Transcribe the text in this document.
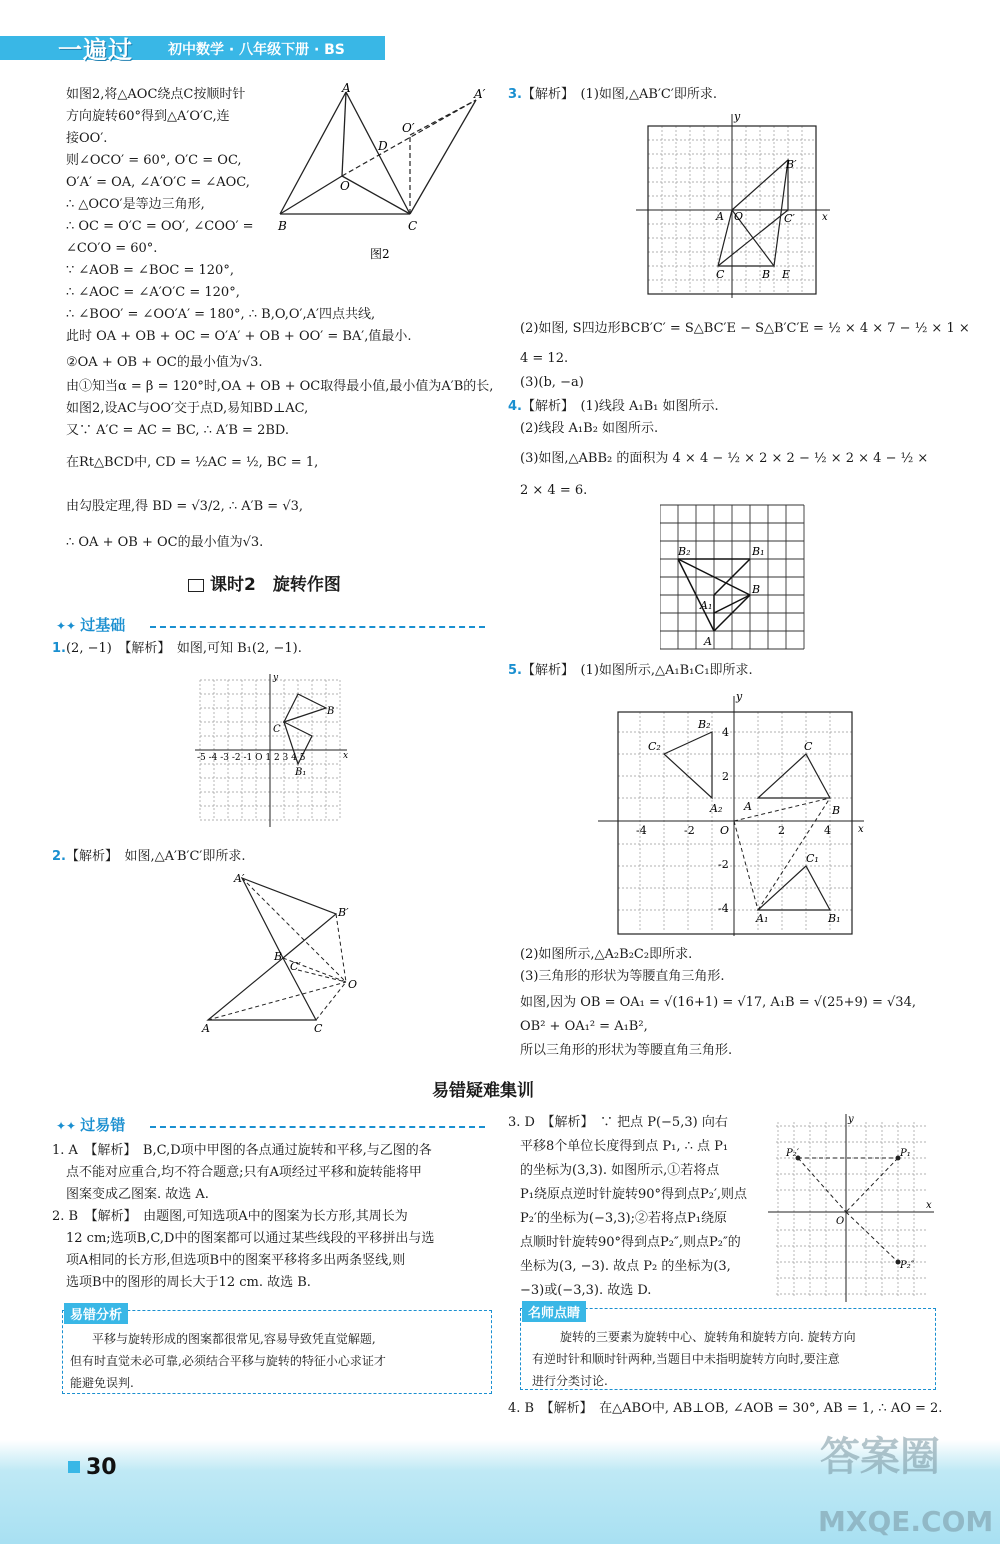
一遍过	初中数学 · 八年级下册 · BS
如图2,将△AOC绕点C按顺时针
方向旋转60°得到△A′O′C,连
接OO′.
则∠OCO′ = 60°, O′C = OC,
O′A′ = OA, ∠A′O′C = ∠AOC,
∴ △OCO′是等边三角形,
∴ OC = O′C = OO′, ∠COO′ =
∠CO′O = 60°.
∵ ∠AOB = ∠BOC = 120°,
∴ ∠AOC = ∠A′O′C = 120°,
∴ ∠BOO′ = ∠OO′A′ = 180°, ∴ B,O,O′,A′四点共线,
此时 OA + OB + OC = O′A′ + OB + OO′ = BA′,值最小.
②OA + OB + OC的最小值为√3.
由①知当α = β = 120°时,OA + OB + OC取得最小值,最小值为A′B的长,
如图2,设AC与OO′交于点D,易知BD⊥AC,
又∵ A′C = AC = BC, ∴ A′B = 2BD.
在Rt△BCD中, CD = ½AC = ½, BC = 1,
由勾股定理,得 BD = √3/2, ∴ A′B = √3,
∴ OA + OB + OC的最小值为√3.
A	A′
O′
D
O
B	C
图2
课时2　旋转作图
✦✦ 过基础
1.(2, −1)　【解析】　如图,可知 B₁(2, −1).
B
C
B₁
x
y
-5 -4 -3 -2 -1 O 1 2 3 4 5
2.【解析】　如图,△A′B′C′即所求.
A′
B′
B
C′
C
O
A
3.【解析】　(1)如图,△AB′C′即所求.
y
B′
A O	C′	x
C	B E
(2)如图, S四边形BCB′C′ = S△BC′E − S△B′C′E = ½ × 4 × 7 − ½ × 1 ×
4 = 12.
(3)(b, −a)
4.【解析】　(1)线段 A₁B₁ 如图所示.
(2)线段 A₁B₂ 如图所示.
(3)如图,△ABB₂ 的面积为 4 × 4 − ½ × 2 × 2 − ½ × 2 × 4 − ½ ×
2 × 4 = 6.
B₂	B₁
A₁
B
A
5.【解析】　(1)如图所示,△A₁B₁C₁即所求.
y
B₂
C₂
A₂ A
C
B
C₁
A₁	B₁
O	x
-4	-2	2	4
4
2
-2
-4
(2)如图所示,△A₂B₂C₂即所求.
(3)三角形的形状为等腰直角三角形.
如图,因为 OB = OA₁ = √(16+1) = √17, A₁B = √(25+9) = √34,
OB² + OA₁² = A₁B²,
所以三角形的形状为等腰直角三角形.
易错疑难集训
✦✦ 过易错
1. A　【解析】　B,C,D项中甲图的各点通过旋转和平移,与乙图的各
点不能对应重合,均不符合题意;只有A项经过平移和旋转能将甲
图案变成乙图案. 故选 A.
2. B　【解析】　由题图,可知选项A中的图案为长方形,其周长为
12 cm;选项B,C,D中的图案都可以通过某些线段的平移拼出与选
项A相同的长方形,但选项B中的图案平移将多出两条竖线,则
选项B中的图形的周长大于12 cm. 故选 B.
易错分析
平移与旋转形成的图案都很常见,容易导致凭直觉解题,
但有时直觉未必可靠,必须结合平移与旋转的特征小心求证才
能避免误判.
3. D　【解析】　∵ 把点 P(−5,3) 向右
平移8个单位长度得到点 P₁, ∴ 点 P₁
的坐标为(3,3). 如图所示,①若将点
P₁绕原点逆时针旋转90°得到点P₂′,则点
P₂′的坐标为(−3,3);②若将点P₁绕原
点顺时针旋转90°得到点P₂″,则点P₂″的
坐标为(3, −3). 故点 P₂ 的坐标为(3,
−3)或(−3,3). 故选 D.
y
P₂′	P₁
P₂″
x
O
名师点睛
旋转的三要素为旋转中心、旋转角和旋转方向. 旋转方向
有逆时针和顺时针两种,当题目中未指明旋转方向时,要注意
进行分类讨论.
4. B　【解析】　在△ABO中, AB⊥OB, ∠AOB = 30°, AB = 1, ∴ AO = 2.
30	答案圈
MXQE.COM
